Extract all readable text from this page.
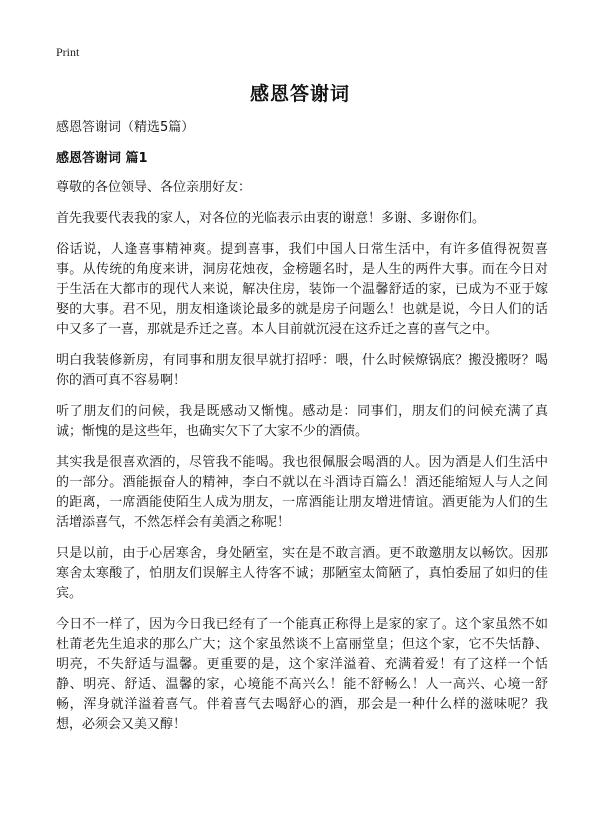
Print
感恩答谢词

感恩答谢词（精选5篇）

感恩答谢词 篇1

尊敬的各位领导、各位亲朋好友：

首先我要代表我的家人，对各位的光临表示由衷的谢意！多谢、多谢你们。

俗话说，人逢喜事精神爽。提到喜事，我们中国人日常生活中，有许多值得祝贺喜事。从传统的角度来讲，洞房花烛夜，金榜题名时，是人生的两件大事。而在今日对于生活在大都市的现代人来说，解决住房，装饰一个温馨舒适的家，已成为不亚于嫁娶的大事。君不见，朋友相逢谈论最多的就是房子问题么！也就是说，今日人们的话中又多了一喜，那就是乔迁之喜。本人目前就沉浸在这乔迁之喜的喜气之中。

明白我装修新房，有同事和朋友很早就打招呼：喂，什么时候燎锅底？搬没搬呀？喝你的酒可真不容易啊！

听了朋友们的问候，我是既感动又惭愧。感动是：同事们，朋友们的问候充满了真诚；惭愧的是这些年，也确实欠下了大家不少的酒债。

其实我是很喜欢酒的，尽管我不能喝。我也很佩服会喝酒的人。因为酒是人们生活中的一部分。酒能振奋人的精神，李白不就以在斗酒诗百篇么！酒还能缩短人与人之间的距离，一席酒能使陌生人成为朋友，一席酒能让朋友增进情谊。酒更能为人们的生活增添喜气，不然怎样会有美酒之称呢！

只是以前，由于心居寒舍，身处陋室，实在是不敢言酒。更不敢邀朋友以畅饮。因那寒舍太寒酸了，怕朋友们误解主人待客不诚；那陋室太简陋了，真怕委屈了如归的佳宾。

今日不一样了，因为今日我已经有了一个能真正称得上是家的家了。这个家虽然不如杜莆老先生追求的那么广大；这个家虽然谈不上富丽堂皇；但这个家，它不失恬静、明亮，不失舒适与温馨。更重要的是，这个家洋溢着、充满着爱！有了这样一个恬静、明亮、舒适、温馨的家，心境能不高兴么！能不舒畅么！人一高兴、心境一舒畅，浑身就洋溢着喜气。伴着喜气去喝舒心的酒，那会是一种什么样的滋味呢？我想，必须会又美又醇！
